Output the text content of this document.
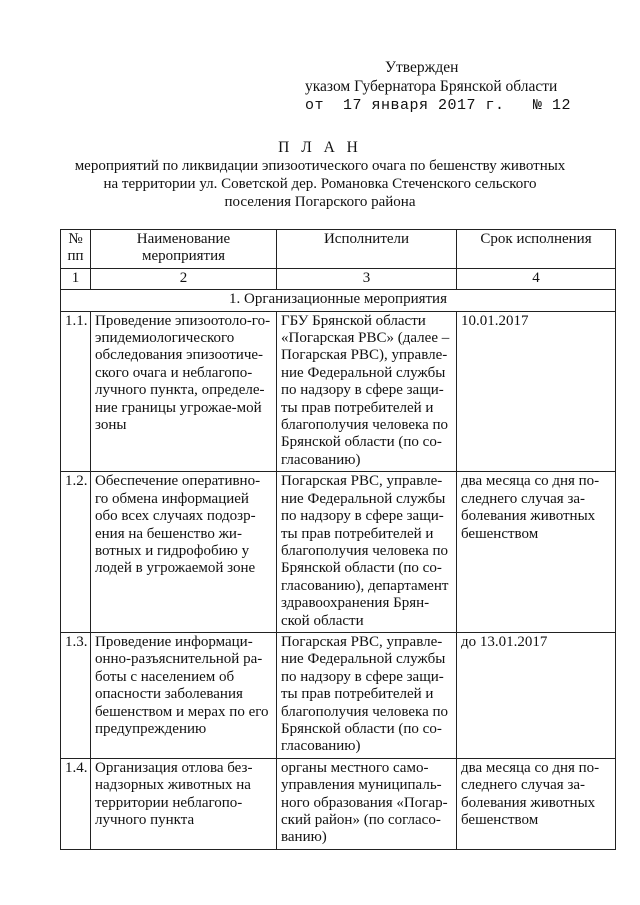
Утвержден
указом Губернатора Брянской области
от  17 января 2017 г.   № 12
П Л А Н
мероприятий по ликвидации эпизоотического очага по бешенству животных
на территории ул. Советской дер. Романовка Стеченского сельского
поселения Погарского района
№ пп	Наименование мероприятия	Исполнители	Срок исполнения
1	2	3	4
1. Организационные мероприятия			
1.1.	Проведение эпизоотоло-го-эпидемиологического обследования эпизоотиче-ского очага и неблагопо-лучного пункта, определе-ние границы угрожае-мой зоны	ГБУ Брянской области «Погарская РВС» (далее – Погарская РВС), управле-ние Федеральной службы по надзору в сфере защи-ты прав потребителей и благополучия человека по Брянской области (по со-гласованию)	10.01.2017
1.2.	Обеспечение оперативно-го обмена информацией обо всех случаях подозр-ения на бешенство жи-вотных и гидрофобию у лодей в угрожаемой зоне	Погарская РВС, управле-ние Федеральной службы по надзору в сфере защи-ты прав потребителей и благополучия человека по Брянской области (по со-гласованию), департамент здравоохранения Брян-ской области	два месяца со дня по-следнего случая за-болевания животных бешенством
1.3.	Проведение информаци-онно-разъяснительной ра-боты с населением об опасности заболевания бешенством и мерах по его предупреждению	Погарская РВС, управле-ние Федеральной службы по надзору в сфере защи-ты прав потребителей и благополучия человека по Брянской области (по со-гласованию)	до 13.01.2017
1.4.	Организация отлова без-надзорных животных на территории неблагопо-лучного пункта	органы местного само-управления муниципаль-ного образования «Погар-ский район» (по согласо-ванию)	два месяца со дня по-следнего случая за-болевания животных бешенством
